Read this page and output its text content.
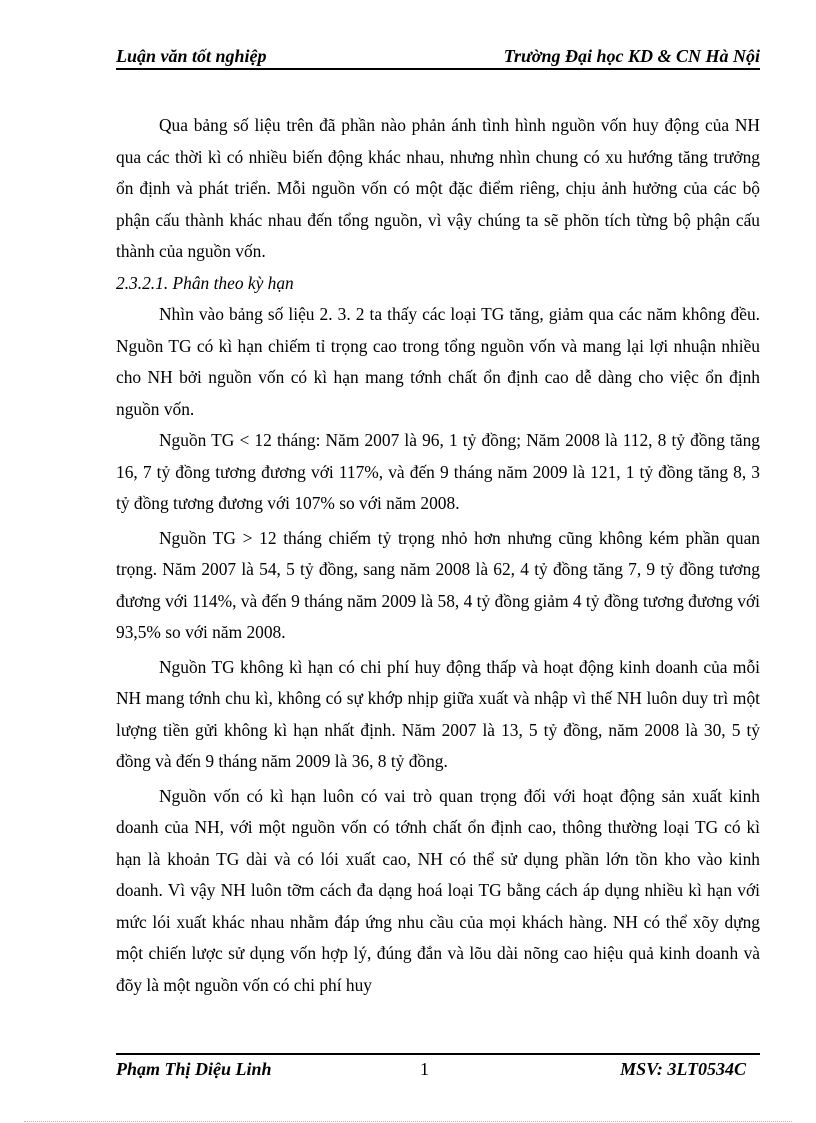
Luận văn tốt nghiệp	Trường Đại học KD & CN Hà Nội

Qua bảng số liệu trên đã phần nào phản ánh tình hình nguồn vốn huy động của NH qua các thời kì có nhiều biến động khác nhau, nhưng nhìn chung có xu hướng tăng trưởng ổn định và phát triển. Mỗi nguồn vốn có một đặc điểm riêng, chịu ảnh hưởng của các bộ phận cấu thành khác nhau đến tổng nguồn, vì vậy chúng ta sẽ phõn tích từng bộ phận cấu thành của nguồn vốn.

2.3.2.1. Phân theo kỳ hạn

Nhìn vào bảng số liệu 2. 3. 2 ta thấy các loại TG tăng, giảm qua các năm không đều. Nguồn TG có kì hạn chiếm tỉ trọng cao trong tổng nguồn vốn và mang lại lợi nhuận nhiều cho NH bởi nguồn vốn có kì hạn mang tớnh chất ổn định cao dễ dàng cho việc ổn định nguồn vốn.

Nguồn TG < 12 tháng: Năm 2007 là 96, 1 tỷ đồng; Năm 2008 là 112, 8 tỷ đồng tăng 16, 7 tỷ đồng tương đương với 117%, và đến 9 tháng năm 2009 là 121, 1 tỷ đồng tăng 8, 3 tỷ đồng tương đương với 107% so với năm 2008.

Nguồn TG > 12 tháng chiếm tỷ trọng nhỏ hơn nhưng cũng không kém phần quan trọng. Năm 2007 là 54, 5 tỷ đồng, sang năm 2008 là 62, 4 tỷ đồng tăng 7, 9 tỷ đồng tương đương với 114%, và đến 9 tháng năm 2009 là 58, 4 tỷ đồng giảm 4 tỷ đồng tương đương với 93,5% so với năm 2008.

Nguồn TG không kì hạn có chi phí huy động thấp và hoạt động kinh doanh của mỗi NH mang tớnh chu kì, không có sự khớp nhịp giữa xuất và nhập vì thế NH luôn duy trì một lượng tiền gửi không kì hạn nhất định. Năm 2007 là 13, 5 tỷ đồng, năm 2008 là 30, 5 tỷ đồng và đến 9 tháng năm 2009 là 36, 8 tỷ đồng.

Nguồn vốn có kì hạn luôn có vai trò quan trọng đối với hoạt động sản xuất kinh doanh của NH, với một nguồn vốn có tớnh chất ổn định cao, thông thường loại TG có kì hạn là khoản TG dài và có lói xuất cao, NH có thể sử dụng phần lớn tồn kho vào kinh doanh. Vì vậy NH luôn tỡm cách đa dạng hoá loại TG bằng cách áp dụng nhiều kì hạn với mức lói xuất khác nhau nhằm đáp ứng nhu cầu của mọi khách hàng. NH có thể xõy dựng một chiến lược sử dụng vốn hợp lý, đúng đắn và lõu dài nõng cao hiệu quả kinh doanh và đõy là một nguồn vốn có chi phí huy

Phạm Thị Diệu Linh	1	MSV: 3LT0534C
